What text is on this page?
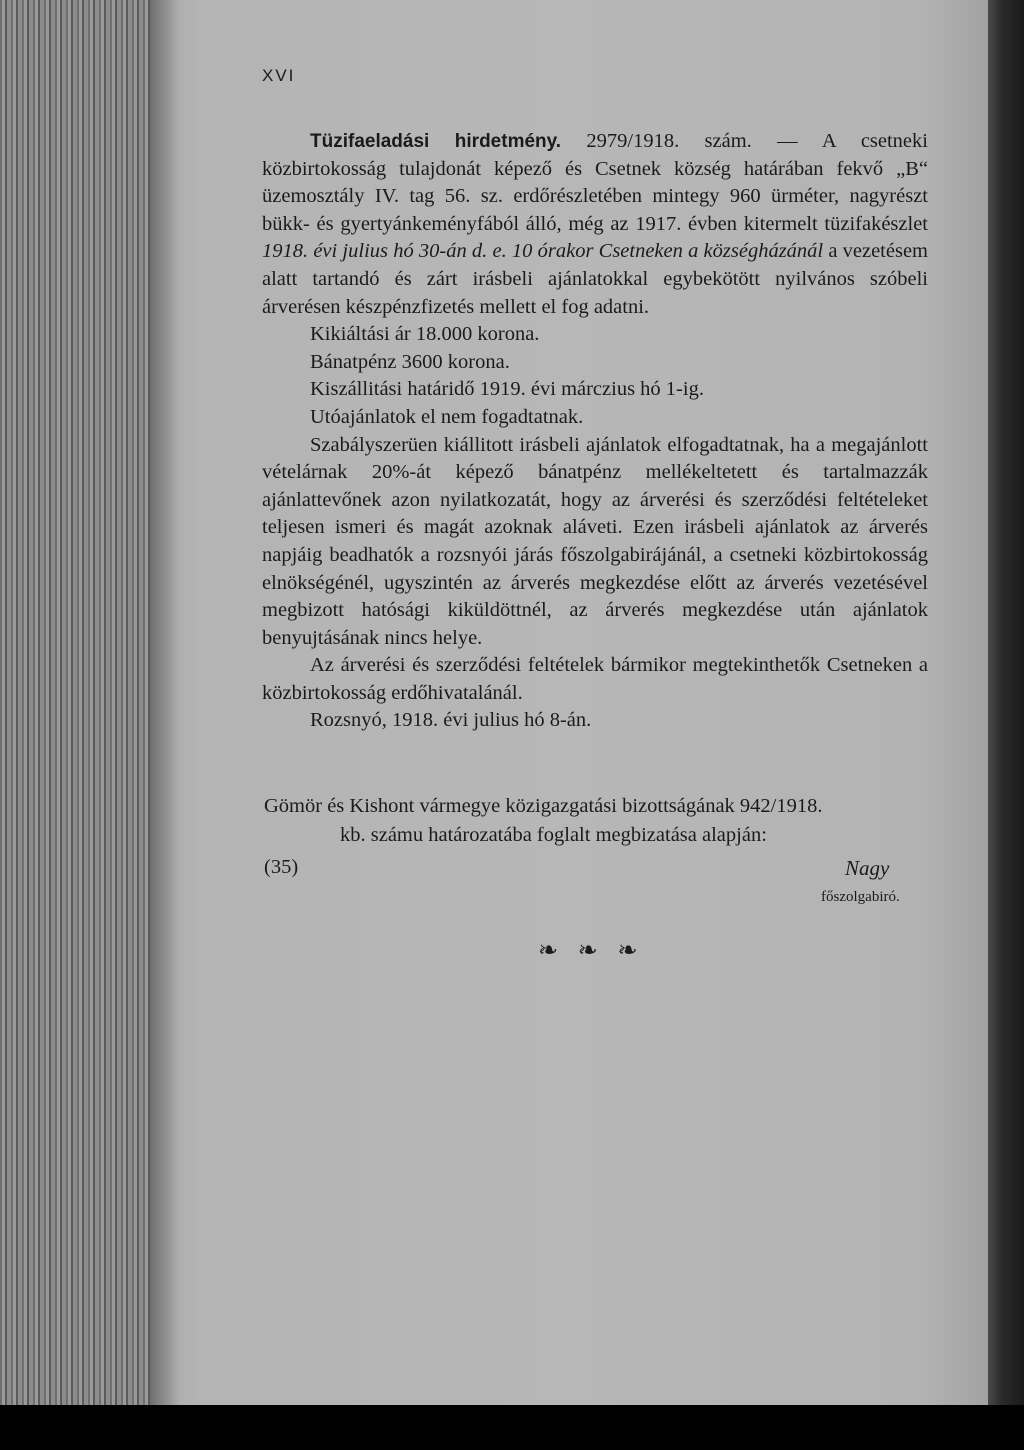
XVI

Tüzifaeladási hirdetmény. 2979/1918. szám. — A csetneki közbirtokosság tulajdonát képező és Csetnek község határában fekvő „B“ üzemosztály IV. tag 56. sz. erdőrészletében mintegy 960 ürméter, nagyrészt bükk- és gyertyánkeményfából álló, még az 1917. évben kitermelt tüzifakészlet 1918. évi julius hó 30-án d. e. 10 órakor Csetneken a községházánál a vezetésem alatt tartandó és zárt irásbeli ajánlatokkal egybekötött nyilvános szóbeli árverésen készpénzfizetés mellett el fog adatni.

Kikiáltási ár 18.000 korona.

Bánatpénz 3600 korona.

Kiszállitási határidő 1919. évi márczius hó 1-ig.

Utóajánlatok el nem fogadtatnak.

Szabályszerüen kiállitott irásbeli ajánlatok elfogadtatnak, ha a megajánlott vételárnak 20%-át képező bánatpénz mellékeltetett és tartalmazzák ajánlattevőnek azon nyilatkozatát, hogy az árverési és szerződési feltételeket teljesen ismeri és magát azoknak aláveti. Ezen irásbeli ajánlatok az árverés napjáig beadhatók a rozsnyói járás főszolgabirájánál, a csetneki közbirtokosság elnökségénél, ugyszintén az árverés megkezdése előtt az árverés vezetésével megbizott hatósági kiküldöttnél, az árverés megkezdése után ajánlatok benyujtásának nincs helye.

Az árverési és szerződési feltételek bármikor megtekinthetők Csetneken a közbirtokosság erdőhivatalánál.

Rozsnyó, 1918. évi julius hó 8-án.

Gömör és Kishont vármegye közigazgatási bizottságának 942/1918.
kb. számu határozatába foglalt megbizatása alapján:
(35)	Nagy
főszolgabiró.
❧ ❧ ❧
